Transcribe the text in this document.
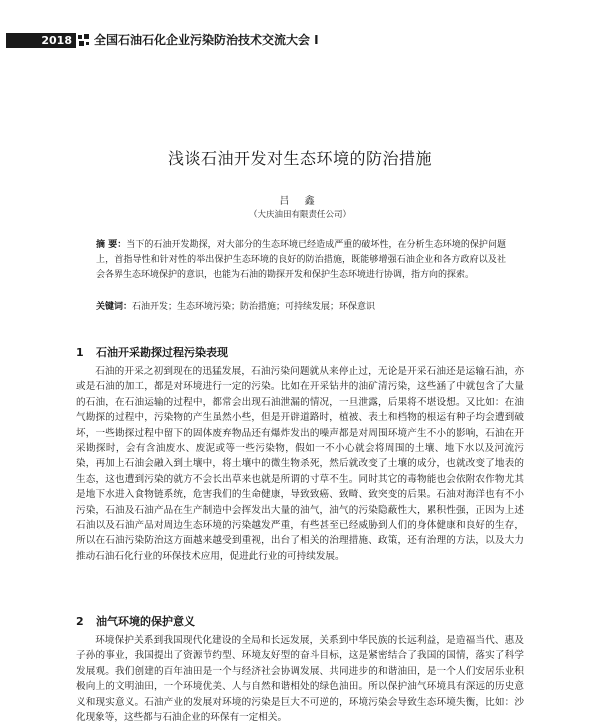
2018	全国石油石化企业污染防治技术交流大会 I
浅谈石油开发对生态环境的防治措施
吕 鑫
（大庆油田有限责任公司）
摘 要：当下的石油开发勘探，对大部分的生态环境已经造成严重的破坏性，在分析生态环境的保护问题上，首指导性和针对性的举出保护生态环境的良好的防治措施，既能够增强石油企业和各方政府以及社会各界生态环境保护的意识，也能为石油的勘探开发和保护生态环境进行协调，指方向的探索。
关键词：石油开发；生态环境污染；防治措施；可持续发展；环保意识
1 石油开采勘探过程污染表现
石油的开采之初到现在的迅猛发展，石油污染问题就从来停止过，无论是开采石油还是运输石油，亦或是石油的加工，都是对环境进行一定的污染。比如在开采钻井的油矿清污染，这些涵了中就包含了大量的石油，在石油运输的过程中，都常会出现石油泄漏的情况，一旦泄露，后果将不堪设想。又比如：在油气勘探的过程中，污染物的产生虽然小些，但是开辟道路时，植被、表土和档物的根运有种子均会遭到破坏，一些勘探过程中留下的固体废弃物品还有爆炸发出的噪声都是对周围环境产生不小的影响，石油在开采勘探时，会有含油废水、废泥或等一些污染物，假如一不小心就会将周围的土壤、地下水以及河流污染，再加上石油会融入到土壤中，将土壤中的微生物杀死，然后就改变了土壤的成分，也就改变了地表的生态，这也遭到污染的就方不会长出草来也就是所谓的寸草不生。同时其它的毒物能也会依附农作物尤其是地下水进入食物链系统，危害我们的生命健康，导致致癌、致畸、致突变的后果。石油对海洋也有不小污染，石油及石油产品在生产制造中会挥发出大量的油气，油气的污染隐蔽性大，累积性强，正因为上述石油以及石油产品对周边生态环境的污染越发严重，有些甚至已经威胁到人们的身体健康和良好的生存，所以在石油污染防治这方面越来越受到重视，出台了相关的治理措施、政策，还有治理的方法，以及大力推动石油石化行业的环保技术应用，促进此行业的可持续发展。
2 油气环境的保护意义
环境保护关系到我国现代化建设的全局和长远发展，关系到中华民族的长远利益，是造福当代、惠及子孙的事业，我国提出了资源节约型、环境友好型的奋斗目标，这是紧密结合了我国的国情，落实了科学发展观。我们创建的百年油田是一个与经济社会协调发展、共同进步的和谐油田，是一个人们安居乐业积极向上的文明油田，一个环境优美、人与自然和谐相处的绿色油田。所以保护油气环境具有深远的历史意义和现实意义。石油产业的发展对环境的污染是巨大不可逆的，环境污染会导致生态环境失衡，比如：沙化现象等，这些都与石油企业的环保有一定相关。
